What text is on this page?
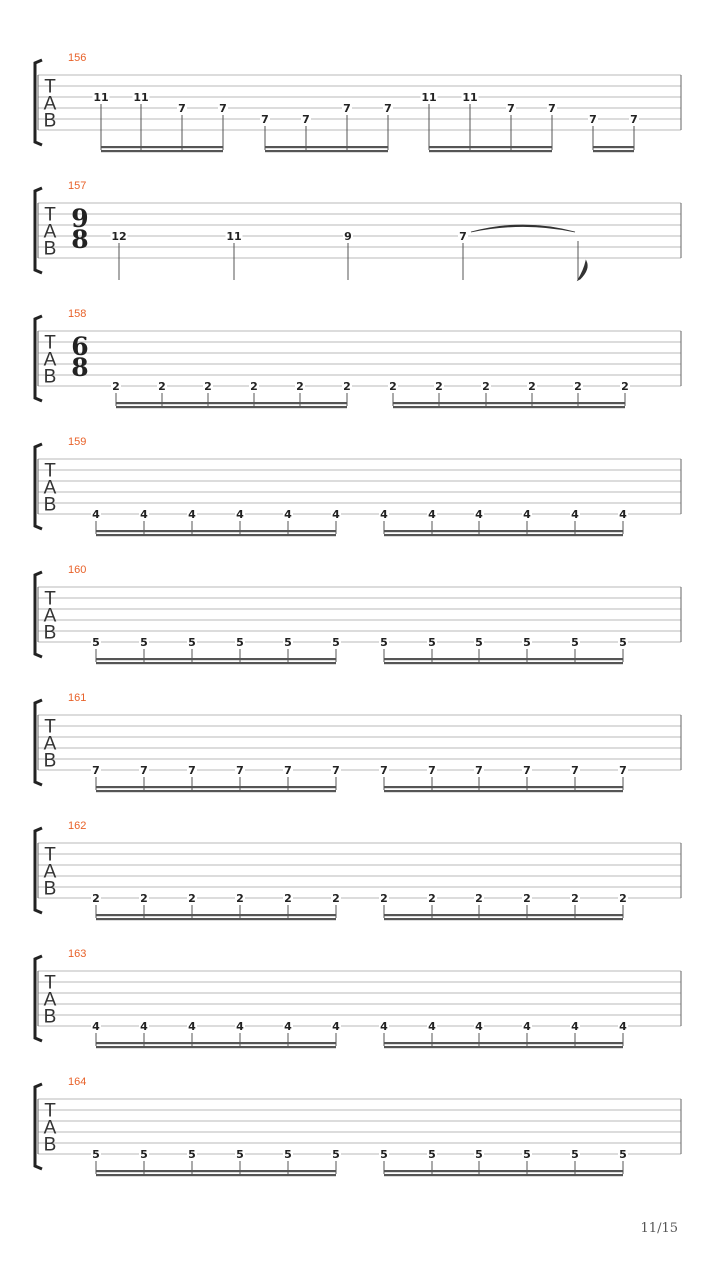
T
A
B
156
11 11
7	7
7	7
7	7
11 11
7	7
7	7
T
A
B
157
9
8 12	11	9	7
T
A
B
158
6
8
2	2	2	2	2	2	2	2	2	2	2	2
T
A
B
159
4	4	4	4	4	4	4	4	4	4	4	4
T
A
B
160
5	5	5	5	5	5	5	5	5	5	5	5
T
A
B
161
7	7	7	7	7	7	7	7	7	7	7	7
T
A
B
162
2	2	2	2	2	2	2	2	2	2	2	2
T
A
B
163
4	4	4	4	4	4	4	4	4	4	4	4
T
A
B
164
5	5	5	5	5	5	5	5	5	5	5	5
11/15
